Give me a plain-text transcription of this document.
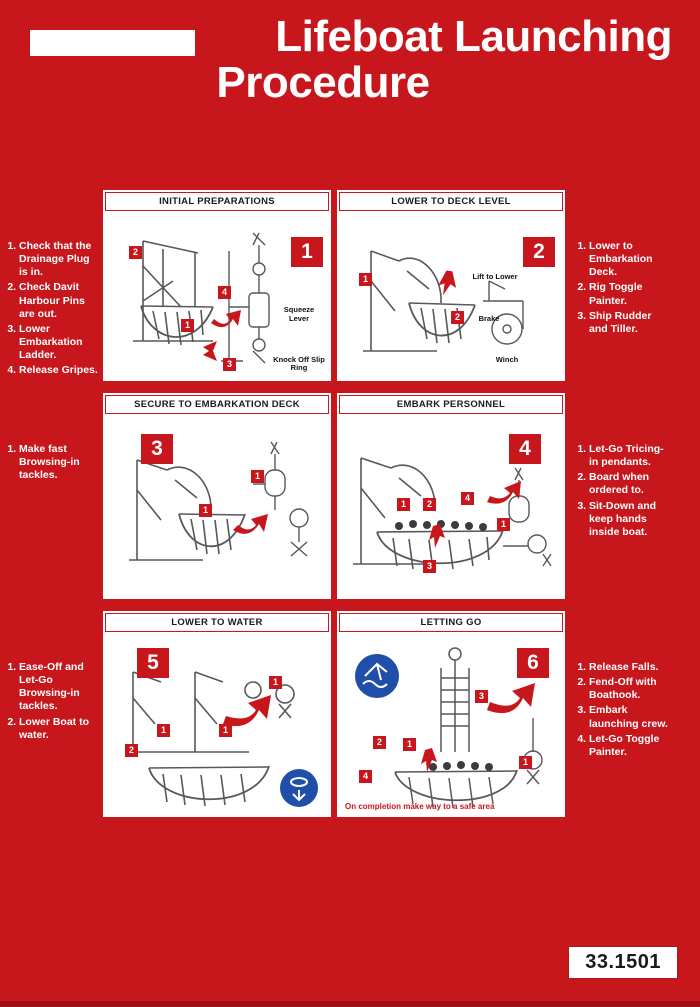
Lifeboat Launching
Procedure
1. Check that the Drainage Plug is in.
2. Check Davit Harbour Pins are out.
3. Lower Embarkation Ladder.
4. Release Gripes.
INITIAL PREPARATIONS
1
2
4
1
3
Squeeze Lever
Knock Off Slip Ring
LOWER TO DECK LEVEL
2
1
2
Lift to Lower
Brake
Winch
1. Lower to Embarkation Deck.
2. Rig Toggle Painter.
3. Ship Rudder and Tiller.
1. Make fast Browsing-in tackles.
SECURE TO EMBARKATION DECK
3
1
1
EMBARK PERSONNEL
4
1	2
4
1
3
1. Let-Go Tricing-in pendants.
2. Board when ordered to.
3. Sit-Down and keep hands inside boat.
1. Ease-Off and Let-Go Browsing-in tackles.
2. Lower Boat to water.
LOWER TO WATER
5
1	1
2
1
LETTING GO
6
3
2	1
1
4
On completion make way to a safe area
1. Release Falls.
2. Fend-Off with Boathook.
3. Embark launching crew.
4. Let-Go Toggle Painter.
33.1501
